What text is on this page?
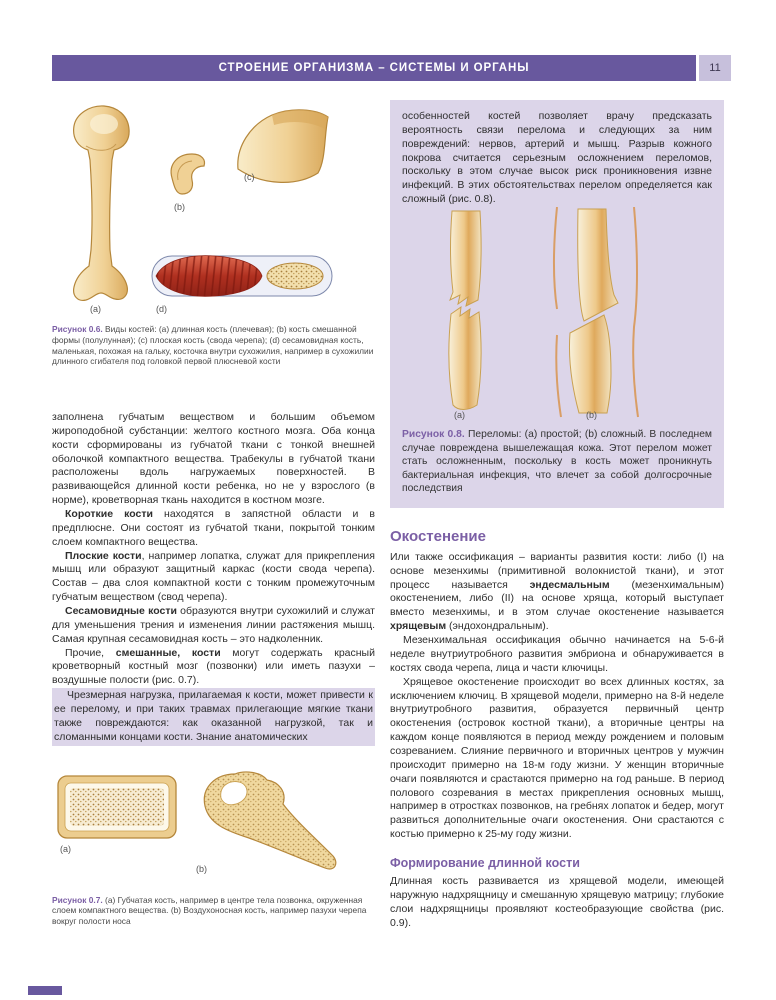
СТРОЕНИЕ ОРГАНИЗМА – СИСТЕМЫ И ОРГАНЫ	11
(a)
(b)
(c)
(d)

Рисунок 0.6. Виды костей: (a) длинная кость (плечевая); (b) кость смешанной формы (полулунная); (c) плоская кость (свода черепа); (d) сесамовидная кость, маленькая, похожая на гальку, косточка внутри сухожилия, например в сухожилии длинного сгибателя под головкой первой плюсневой кости

заполнена губчатым веществом и большим объемом жироподобной субстанции: желтого костного мозга. Оба конца кости сформированы из губчатой ткани с тонкой внешней оболочкой компактного вещества. Трабекулы в губчатой ткани расположены вдоль нагружаемых поверхностей. В развивающейся длинной кости ребенка, но не у взрослого (в норме), кроветворная ткань находится в костном мозге.

Короткие кости находятся в запястной области и в предплюсне. Они состоят из губчатой ткани, покрытой тонким слоем компактного вещества.

Плоские кости, например лопатка, служат для прикрепления мышц или образуют защитный каркас (кости свода черепа). Состав – два слоя компактной кости с тонким промежуточным губчатым веществом (свод черепа).

Сесамовидные кости образуются внутри сухожилий и служат для уменьшения трения и изменения линии растяжения мышц. Самая крупная сесамовидная кость – это надколенник.

Прочие, смешанные, кости могут содержать красный кроветворный костный мозг (позвонки) или иметь пазухи – воздушные полости (рис. 0.7).

Чрезмерная нагрузка, прилагаемая к кости, может привести к ее перелому, и при таких травмах прилегающие мягкие ткани также повреждаются: как оказанной нагрузкой, так и сломанными концами кости. Знание анатомических

(a)
(b)

Рисунок 0.7. (a) Губчатая кость, например в центре тела позвонка, окруженная слоем компактного вещества. (b) Воздухоносная кость, например пазухи черепа вокруг полости носа

особенностей костей позволяет врачу предсказать вероятность связи перелома и следующих за ним повреждений: нервов, артерий и мышц. Разрыв кожного покрова считается серьезным осложнением переломов, поскольку в этом случае высок риск проникновения извне инфекций. В этих обстоятельствах перелом определяется как сложный (рис. 0.8).

(a)	(b)

Рисунок 0.8. Переломы: (a) простой; (b) сложный. В последнем случае повреждена вышележащая кожа. Этот перелом может стать осложненным, поскольку в кость может проникнуть бактериальная инфекция, что влечет за собой долгосрочные последствия

Окостенение

Или также оссификация – варианты развития кости: либо (I) на основе мезенхимы (примитивной волокнистой ткани), и этот процесс называется эндесмальным (мезенхимальным) окостенением, либо (II) на основе хряща, который выступает вместо мезенхимы, и в этом случае окостенение называется хрящевым (эндохондральным).

Мезенхимальная оссификация обычно начинается на 5-6-й неделе внутриутробного развития эмбриона и обнаруживается в костях свода черепа, лица и части ключицы.

Хрящевое окостенение происходит во всех длинных костях, за исключением ключиц. В хрящевой модели, примерно на 8-й неделе внутриутробного развития, образуется первичный центр окостенения (островок костной ткани), а вторичные центры на каждом конце появляются в период между рождением и половым созреванием. Слияние первичного и вторичных центров у мужчин происходит примерно на 18-м году жизни. У женщин вторичные очаги появляются и срастаются примерно на год раньше. В период полового созревания в местах прикрепления основных мышц, например в отростках позвонков, на гребнях лопаток и бедер, могут развиться дополнительные очаги окостенения. Они срастаются с костью примерно к 25-му году жизни.

Формирование длинной кости

Длинная кость развивается из хрящевой модели, имеющей наружную надхрящницу и смешанную хрящевую матрицу; глубокие слои надхрящницы проявляют костеобразующие свойства (рис. 0.9).
